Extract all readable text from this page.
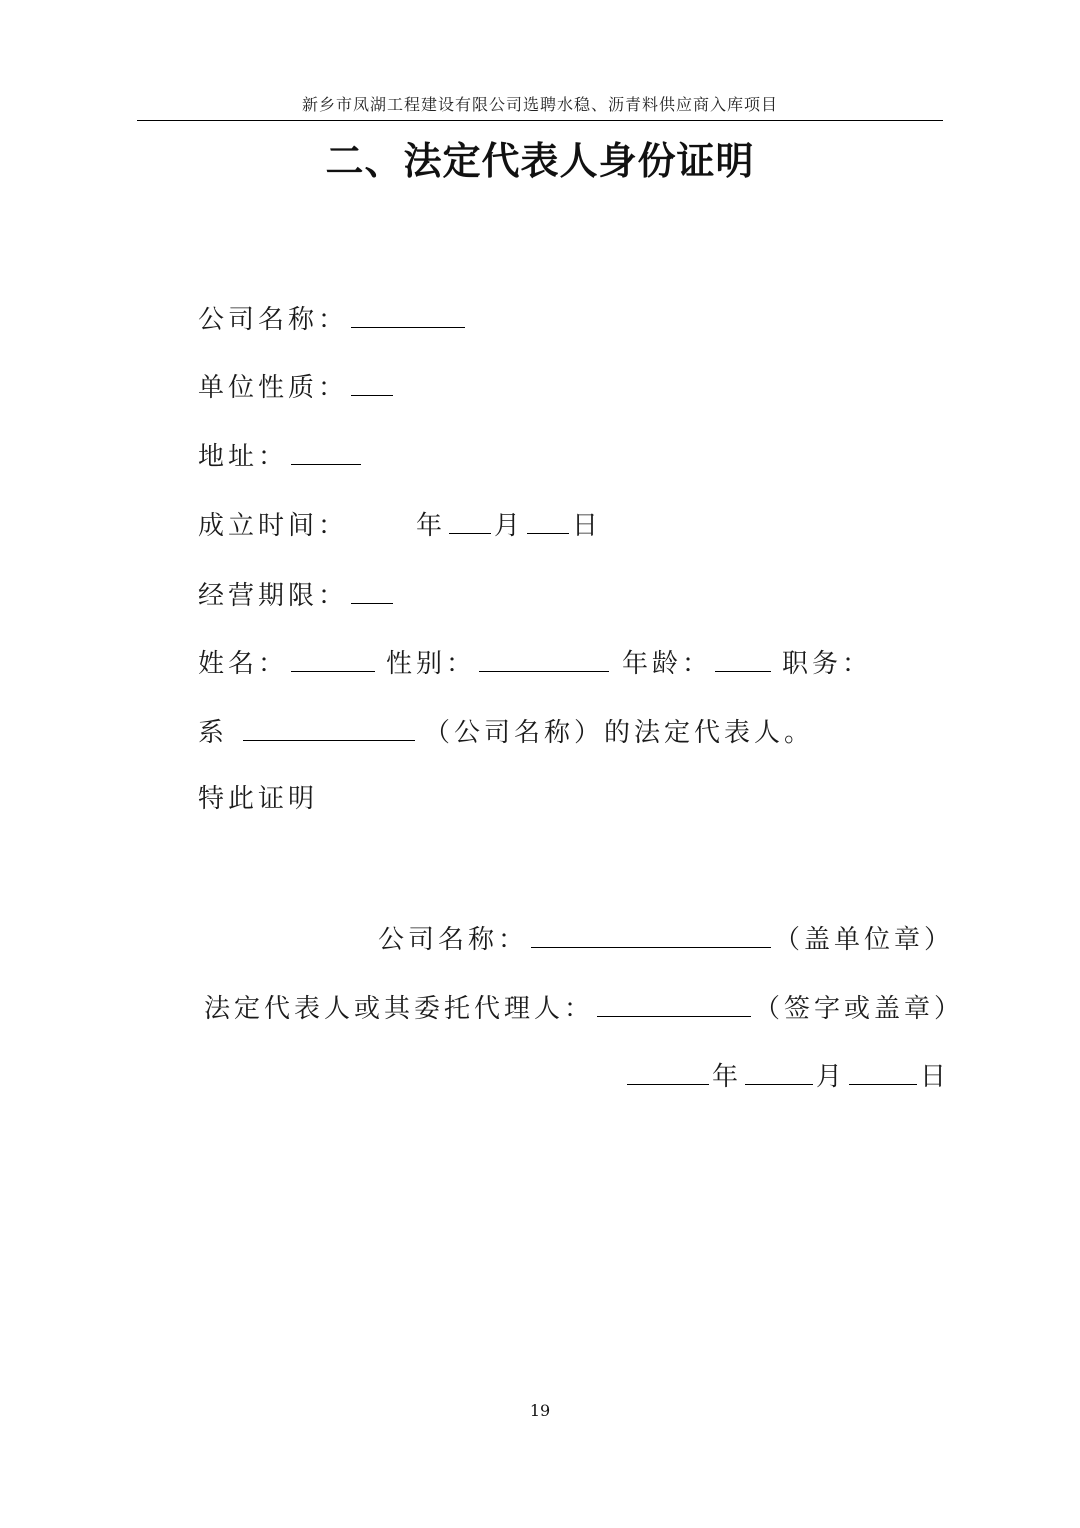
新乡市凤湖工程建设有限公司选聘水稳、沥青料供应商入库项目
二、法定代表人身份证明
公司名称：
单位性质：
地址：
成立时间：	年 月 日
经营期限：
姓名：	性别：	年龄：	职务：
系	（公司名称）的法定代表人。
特此证明
公司名称：	（盖单位章）
法定代表人或其委托代理人：	（签字或盖章）
年	月	日
19
